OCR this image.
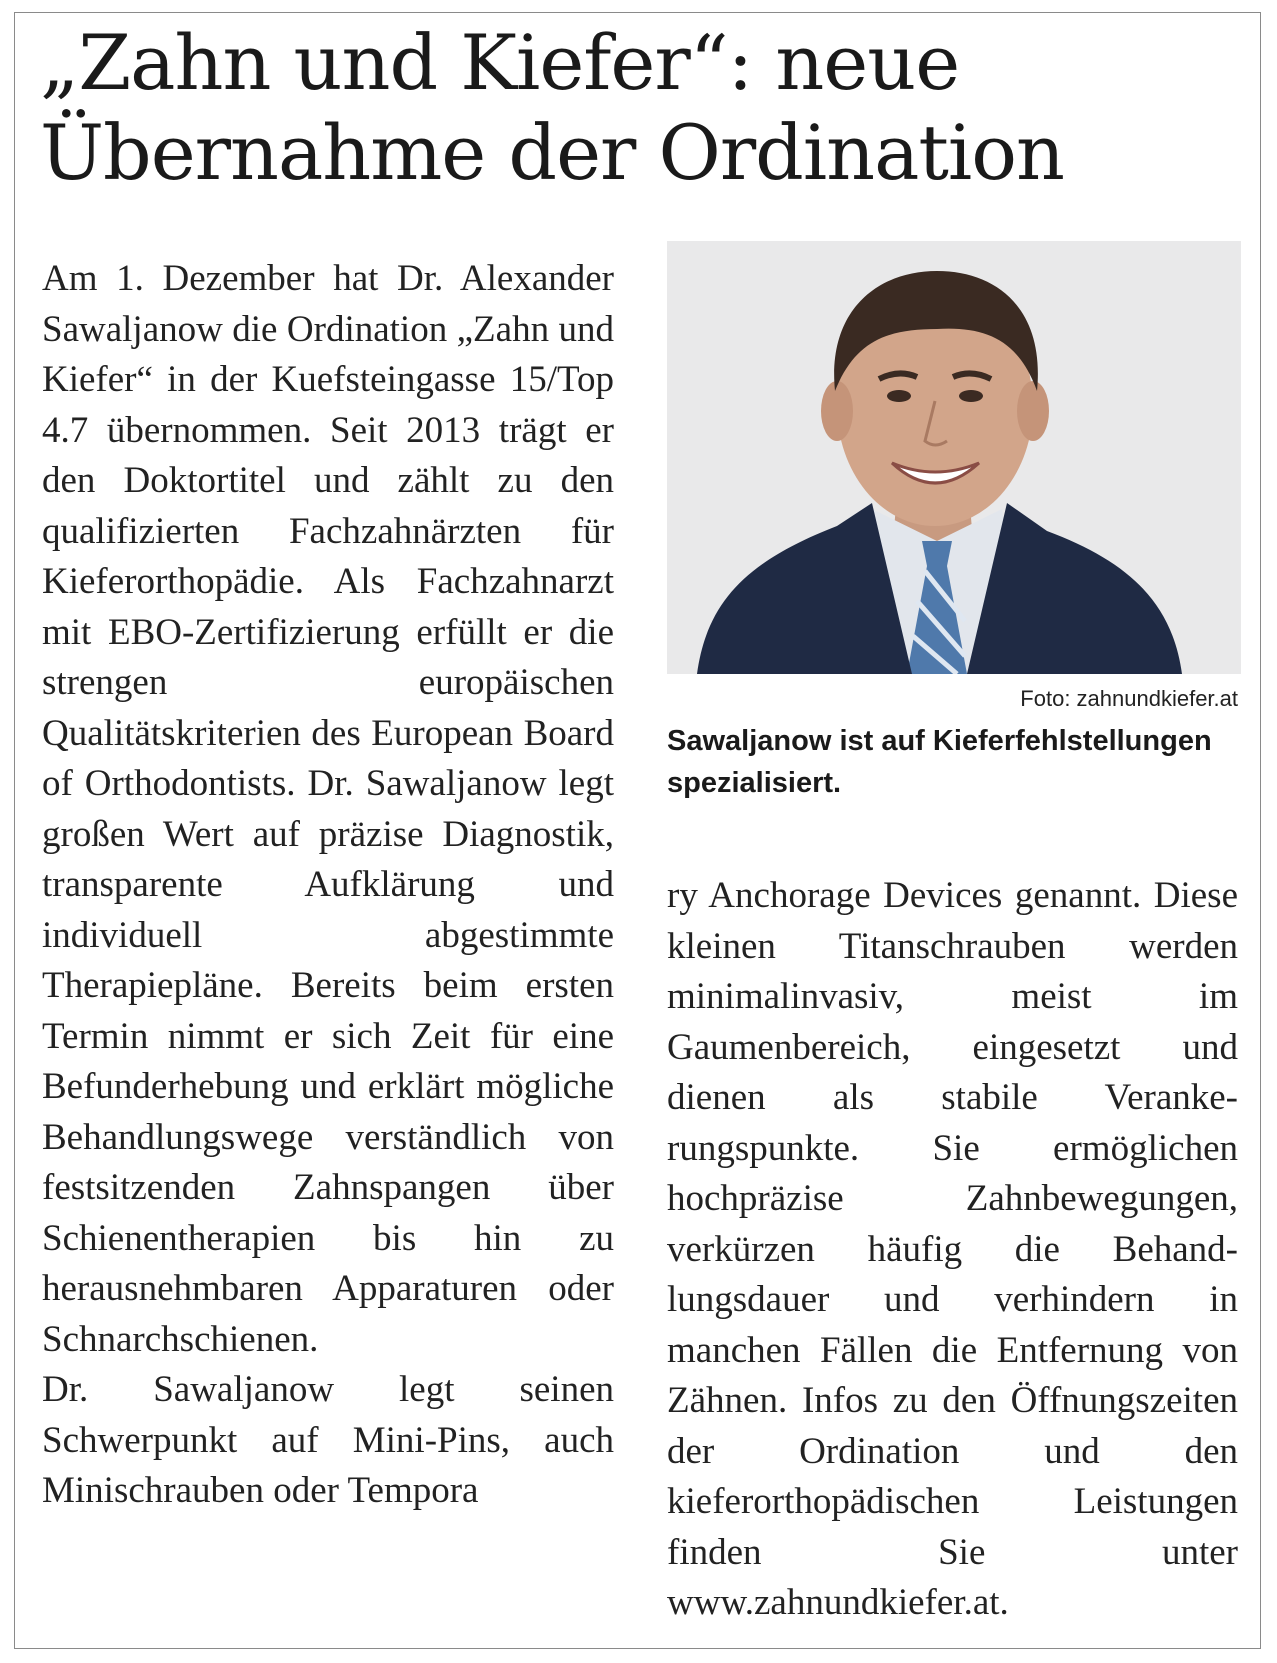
„Zahn und Kiefer“: neue Übernahme der Ordination

Am 1. Dezember hat Dr. Alexander Sawaljanow die Ordination „Zahn und Kiefer“ in der Kuefsteingasse 15/Top 4.7 übernommen. Seit 2013 trägt er den Doktortitel und zählt zu den qualifizierten Fachzahnärzten für Kieferorthopädie. Als Fachzahnarzt mit EBO-Zertifizierung erfüllt er die strengen europäischen Qualitätskriterien des European Board of Orthodontists. Dr. Sawaljanow legt großen Wert auf präzise Diagnostik, transparente Aufklärung und individuell abgestimmte Therapiepläne. Bereits beim ersten Termin nimmt er sich Zeit für eine Befunderhebung und erklärt mögliche Behandlungswege verständlich von festsitzenden Zahnspangen über Schienentherapien bis hin zu herausnehmbaren Apparaturen oder Schnarchschienen.

Dr. Sawaljanow legt seinen Schwerpunkt auf Mini-Pins, auch Minischrauben oder Tempora

Foto: zahnundkiefer.at

Sawaljanow ist auf Kieferfehlstellungen spezialisiert.

ry Anchorage Devices genannt. Diese kleinen Titanschrauben werden minimalinvasiv, meist im Gaumenbereich, eingesetzt und dienen als stabile Verankerungspunkte. Sie ermöglichen hochpräzise Zahnbewegungen, verkürzen häufig die Behandlungsdauer und verhindern in manchen Fällen die Entfernung von Zähnen. Infos zu den Öffnungszeiten der Ordination und den kieferorthopädischen Leistungen finden Sie unter www.zahnundkiefer.at.
